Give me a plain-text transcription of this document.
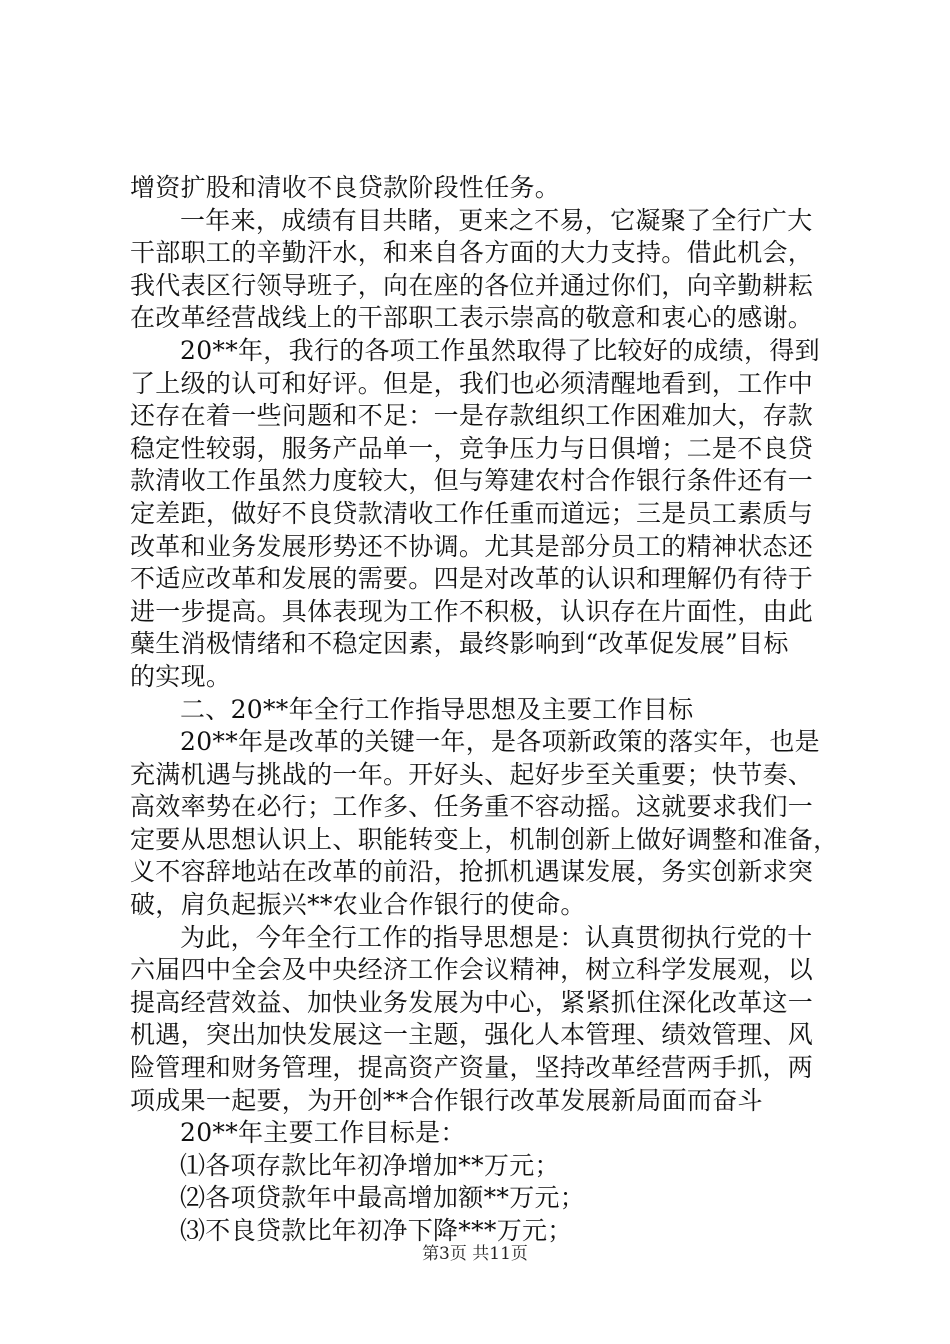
增资扩股和清收不良贷款阶段性任务。
一年来，成绩有目共睹，更来之不易，它凝聚了全行广大
干部职工的辛勤汗水，和来自各方面的大力支持。借此机会，
我代表区行领导班子，向在座的各位并通过你们，向辛勤耕耘
在改革经营战线上的干部职工表示崇高的敬意和衷心的感谢。
20**年，我行的各项工作虽然取得了比较好的成绩，得到
了上级的认可和好评。但是，我们也必须清醒地看到，工作中
还存在着一些问题和不足：一是存款组织工作困难加大，存款
稳定性较弱，服务产品单一，竞争压力与日俱增；二是不良贷
款清收工作虽然力度较大，但与筹建农村合作银行条件还有一
定差距，做好不良贷款清收工作任重而道远；三是员工素质与
改革和业务发展形势还不协调。尤其是部分员工的精神状态还
不适应改革和发展的需要。四是对改革的认识和理解仍有待于
进一步提高。具体表现为工作不积极，认识存在片面性，由此
蘖生消极情绪和不稳定因素，最终影响到“改革促发展”目标
的实现。
二、20**年全行工作指导思想及主要工作目标
20**年是改革的关键一年，是各项新政策的落实年，也是
充满机遇与挑战的一年。开好头、起好步至关重要；快节奏、
高效率势在必行；工作多、任务重不容动摇。这就要求我们一
定要从思想认识上、职能转变上，机制创新上做好调整和准备，
义不容辞地站在改革的前沿，抢抓机遇谋发展，务实创新求突
破，肩负起振兴**农业合作银行的使命。
为此，今年全行工作的指导思想是：认真贯彻执行党的十
六届四中全会及中央经济工作会议精神，树立科学发展观，以
提高经营效益、加快业务发展为中心，紧紧抓住深化改革这一
机遇，突出加快发展这一主题，强化人本管理、绩效管理、风
险管理和财务管理，提高资产资量，坚持改革经营两手抓，两
项成果一起要，为开创**合作银行改革发展新局面而奋斗
20**年主要工作目标是：
⑴各项存款比年初净增加**万元；
⑵各项贷款年中最高增加额**万元；
⑶不良贷款比年初净下降***万元；
第3页 共11页
